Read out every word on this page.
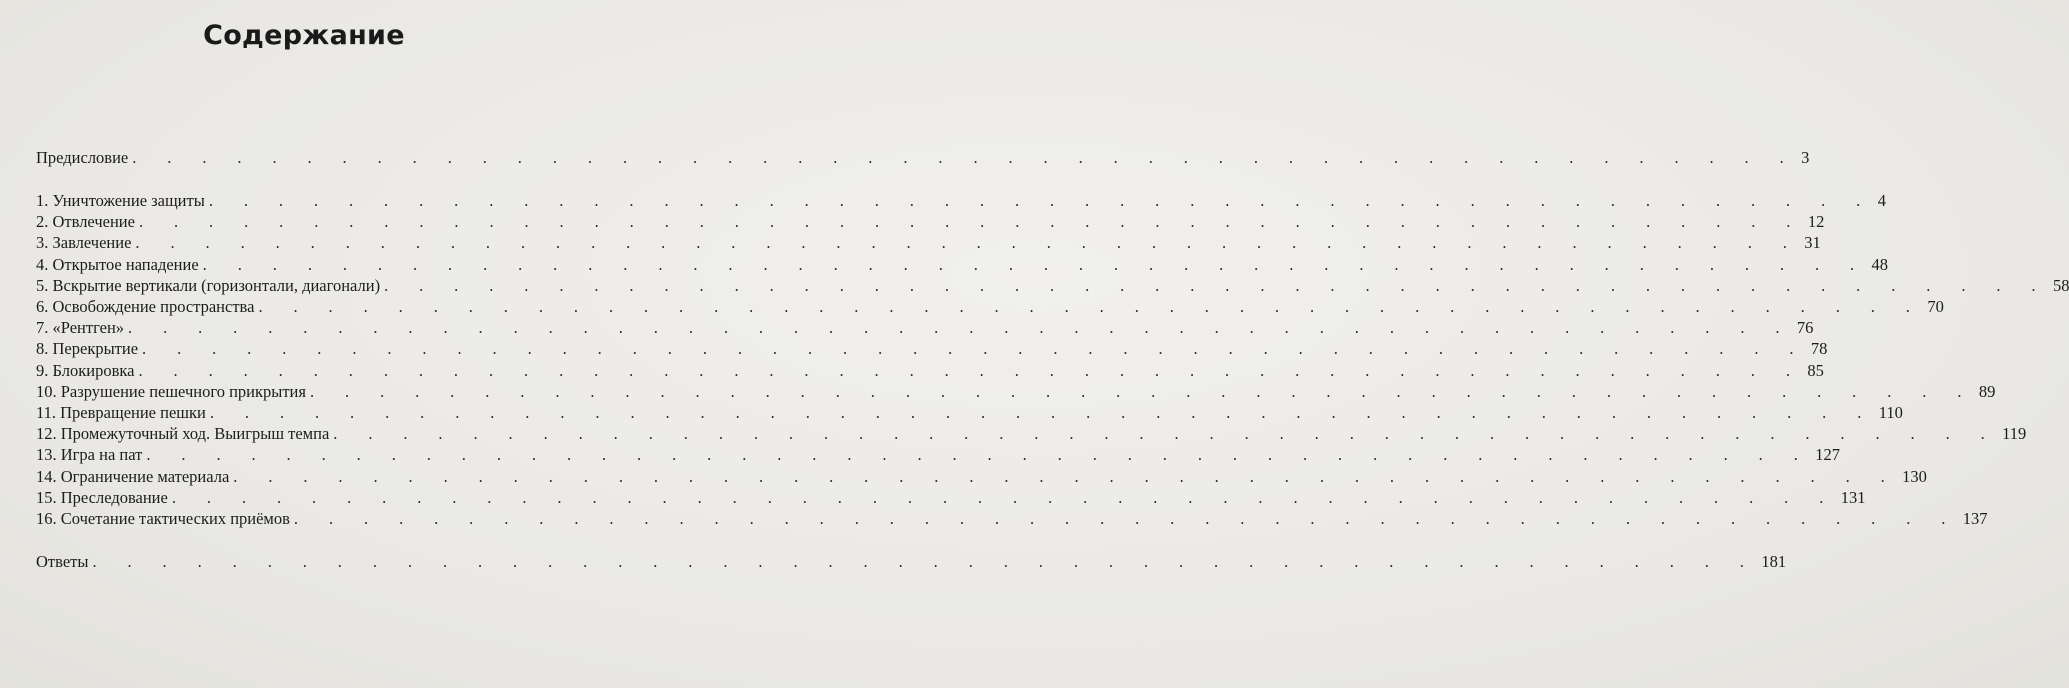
Содержание
Предисловие . . . . . . . . . . . . . . . . . . . . . . . . . . . . . . . . . . . . . . . . . . . . . . . . 3
1. Уничтожение защиты . . . . . . . . . . . . . . . . . . . . . . . . . . . . . . . . . . . . . . . . . . . . . . . . 4
2. Отвлечение . . . . . . . . . . . . . . . . . . . . . . . . . . . . . . . . . . . . . . . . . . . . . . . . 12
3. Завлечение . . . . . . . . . . . . . . . . . . . . . . . . . . . . . . . . . . . . . . . . . . . . . . . . 31
4. Открытое нападение . . . . . . . . . . . . . . . . . . . . . . . . . . . . . . . . . . . . . . . . . . . . . . . . 48
5. Вскрытие вертикали (горизонтали, диагонали) . . . . . . . . . . . . . . . . . . . . . . . . . . . . . . . . . . . . . . . . . . . . . . . . 58
6. Освобождение пространства . . . . . . . . . . . . . . . . . . . . . . . . . . . . . . . . . . . . . . . . . . . . . . . . 70
7. «Рентген» . . . . . . . . . . . . . . . . . . . . . . . . . . . . . . . . . . . . . . . . . . . . . . . . 76
8. Перекрытие . . . . . . . . . . . . . . . . . . . . . . . . . . . . . . . . . . . . . . . . . . . . . . . . 78
9. Блокировка . . . . . . . . . . . . . . . . . . . . . . . . . . . . . . . . . . . . . . . . . . . . . . . . 85
10. Разрушение пешечного прикрытия . . . . . . . . . . . . . . . . . . . . . . . . . . . . . . . . . . . . . . . . . . . . . . . . 89
11. Превращение пешки . . . . . . . . . . . . . . . . . . . . . . . . . . . . . . . . . . . . . . . . . . . . . . . . 110
12. Промежуточный ход. Выигрыш темпа . . . . . . . . . . . . . . . . . . . . . . . . . . . . . . . . . . . . . . . . . . . . . . . . 119
13. Игра на пат . . . . . . . . . . . . . . . . . . . . . . . . . . . . . . . . . . . . . . . . . . . . . . . . 127
14. Ограничение материала . . . . . . . . . . . . . . . . . . . . . . . . . . . . . . . . . . . . . . . . . . . . . . . . 130
15. Преследование . . . . . . . . . . . . . . . . . . . . . . . . . . . . . . . . . . . . . . . . . . . . . . . . 131
16. Сочетание тактических приёмов . . . . . . . . . . . . . . . . . . . . . . . . . . . . . . . . . . . . . . . . . . . . . . . . 137
Ответы . . . . . . . . . . . . . . . . . . . . . . . . . . . . . . . . . . . . . . . . . . . . . . . . 181
